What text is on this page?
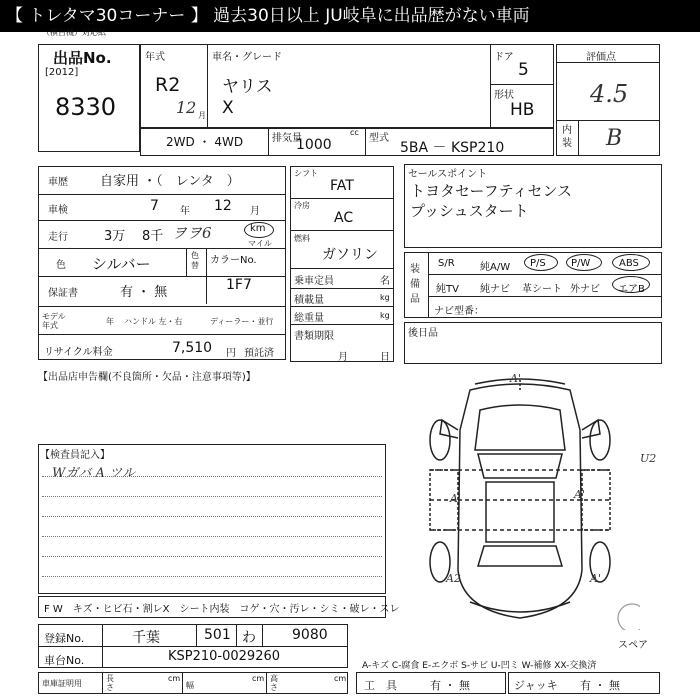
【 トレタマ30コーナー 】 過去30日以上 JU岐阜に出品歴がない車両
（横百機）対応紙
出品No.
[2012]
8330
年式
R2
12 月
車名・グレード
ヤリス
X
ドア
5
形状
HB
2WD ・ 4WD	排気量
cc
1000	型式
5BA － KSP210
評価点
4.5
内装 B
車歴 自家用 ・（　レンタ　）
車検	7 年 12 月
走行	3万 8千 ヲヲ6	km
マイル
色 シルバー	色替 カラーNo.
1F7
保証書	有 ・ 無
モデル年式	年 ハンドル 左・右	ディーラー・並行
リサイクル料金	7,510 円 預託済
シフト
FAT
冷房
AC
燃料
ガソリン
乗車定員	名
積載量	kg
総重量	kg
書類期限
月	日
セールスポイント
トヨタセーフティセンス
プッシュスタート
装備品
S/R	純A/W P/S	P/W	ABS
純TV 純ナビ 革シート 外ナビ エアB
ナビ型番：
後日品
【出品店申告欄(不良箇所・欠品・注意事項等)】
【検査員記入】
Wガバ A ツル
F W　キズ・ヒビ石・割レX　シート内装　コゲ・穴・汚レ・シミ・破レ・スレ
A'
U2
A'	A'
A2	A'
スペア
登録No.	千葉	501 わ	9080
車台No.	KSP210-0029260
車庫証明用
長さ
cm
幅
cm 高さ
cm
A-キズ C-腐食 E-エクボ S-サビ U-凹ミ W-補修 XX-交換済
工　具	有 ・ 無	ジャッキ 有 ・ 無
